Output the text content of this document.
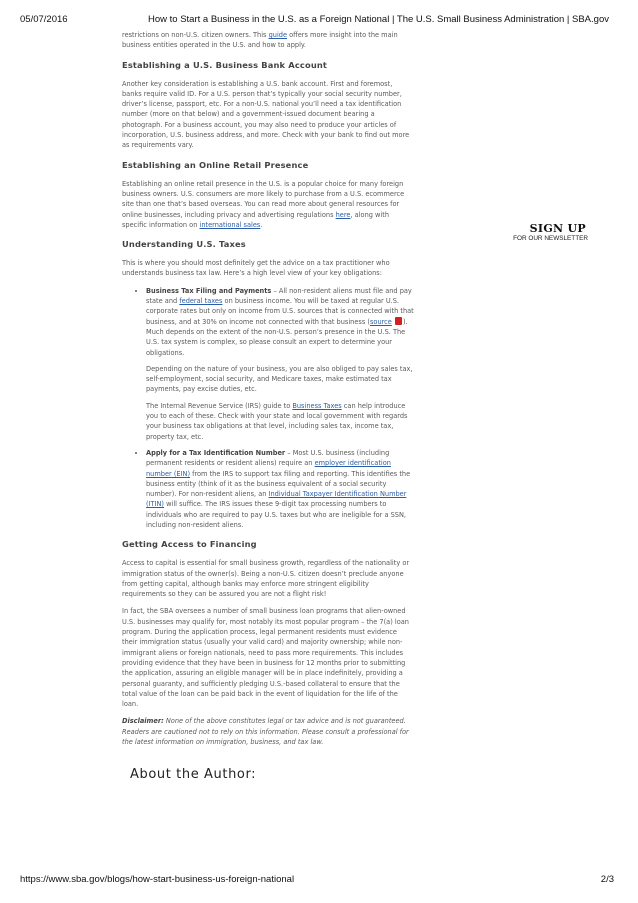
05/07/2016	How to Start a Business in the U.S. as a Foreign National | The U.S. Small Business Administration | SBA.gov

restrictions on non-U.S. citizen owners. This guide offers more insight into the main business entities operated in the U.S. and how to apply.

Establishing a U.S. Business Bank Account

Another key consideration is establishing a U.S. bank account. First and foremost, banks require valid ID. For a U.S. person that’s typically your social security number, driver’s license, passport, etc. For a non-U.S. national you’ll need a tax identification number (more on that below) and a government-issued document bearing a photograph. For a business account, you may also need to produce your articles of incorporation, U.S. business address, and more. Check with your bank to find out more as requirements vary.

Establishing an Online Retail Presence

Establishing an online retail presence in the U.S. is a popular choice for many foreign business owners. U.S. consumers are more likely to purchase from a U.S. ecommerce site than one that’s based overseas. You can read more about general resources for online businesses, including privacy and advertising regulations here, along with specific information on international sales.

Understanding U.S. Taxes

This is where you should most definitely get the advice on a tax practitioner who understands business tax law. Here’s a high level view of your key obligations:

• Business Tax Filing and Payments – All non-resident aliens must file and pay state and federal taxes on business income. You will be taxed at regular U.S. corporate rates but only on income from U.S. sources that is connected with that business, and at 30% on income not connected with that business (source ). Much depends on the extent of the non-U.S. person’s presence in the U.S. The U.S. tax system is complex, so please consult an expert to determine your obligations.

Depending on the nature of your business, you are also obliged to pay sales tax, self-employment, social security, and Medicare taxes, make estimated tax payments, pay excise duties, etc.

The Internal Revenue Service (IRS) guide to Business Taxes can help introduce you to each of these. Check with your state and local government with regards your business tax obligations at that level, including sales tax, income tax, property tax, etc.

• Apply for a Tax Identification Number – Most U.S. business (including permanent residents or resident aliens) require an employer identification number (EIN) from the IRS to support tax filing and reporting. This identifies the business entity (think of it as the business equivalent of a social security number). For non-resident aliens, an Individual Taxpayer Identification Number (ITIN) will suffice. The IRS issues these 9-digit tax processing numbers to individuals who are required to pay U.S. taxes but who are ineligible for a SSN, including non-resident aliens.

Getting Access to Financing

Access to capital is essential for small business growth, regardless of the nationality or immigration status of the owner(s). Being a non-U.S. citizen doesn’t preclude anyone from getting capital, although banks may enforce more stringent eligibility requirements so they can be assured you are not a flight risk!

In fact, the SBA oversees a number of small business loan programs that alien-owned U.S. businesses may qualify for, most notably its most popular program – the 7(a) loan program. During the application process, legal permanent residents must evidence their immigration status (usually your valid card) and majority ownership; while non-immigrant aliens or foreign nationals, need to pass more requirements. This includes providing evidence that they have been in business for 12 months prior to submitting the application, assuring an eligible manager will be in place indefinitely, providing a personal guaranty, and sufficiently pledging U.S.-based collateral to ensure that the total value of the loan can be paid back in the event of liquidation for the life of the loan.

Disclaimer: None of the above constitutes legal or tax advice and is not guaranteed. Readers are cautioned not to rely on this information. Please consult a professional for the latest information on immigration, business, and tax law.

About the Author:
SIGN UP
FOR OUR NEWSLETTER
https://www.sba.gov/blogs/how-start-business-us-foreign-national	2/3
